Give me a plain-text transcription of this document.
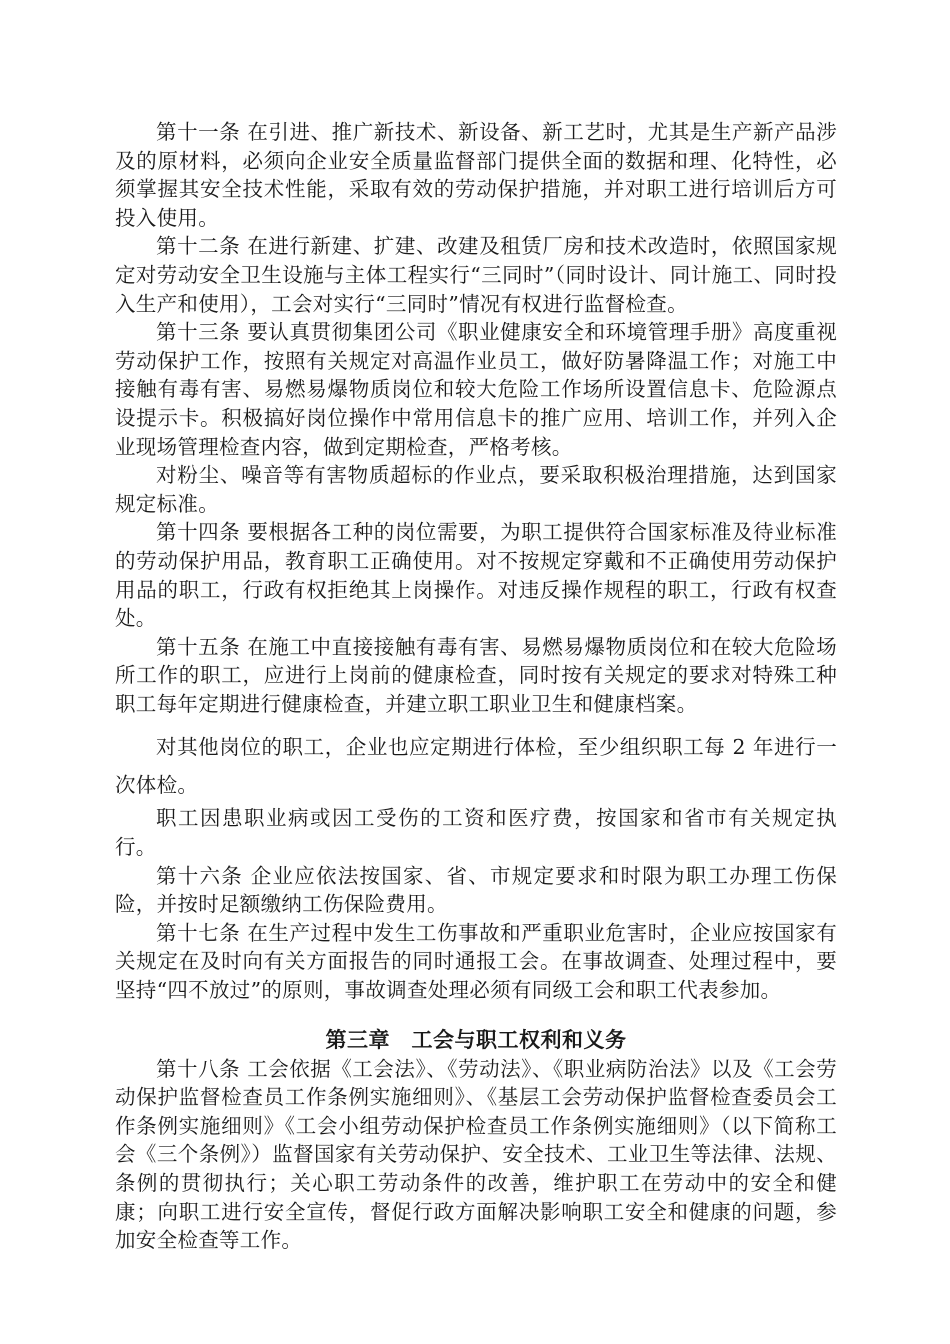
第十一条 在引进、推广新技术、新设备、新工艺时，尤其是生产新产品涉及的原材料，必须向企业安全质量监督部门提供全面的数据和理、化特性，必须掌握其安全技术性能，采取有效的劳动保护措施，并对职工进行培训后方可投入使用。

第十二条 在进行新建、扩建、改建及租赁厂房和技术改造时，依照国家规定对劳动安全卫生设施与主体工程实行“三同时”（同时设计、同计施工、同时投入生产和使用），工会对实行“三同时”情况有权进行监督检查。

第十三条 要认真贯彻集团公司《职业健康安全和环境管理手册》高度重视劳动保护工作，按照有关规定对高温作业员工，做好防暑降温工作；对施工中接触有毒有害、易燃易爆物质岗位和较大危险工作场所设置信息卡、危险源点设提示卡。积极搞好岗位操作中常用信息卡的推广应用、培训工作，并列入企业现场管理检查内容，做到定期检查，严格考核。

对粉尘、噪音等有害物质超标的作业点，要采取积极治理措施，达到国家规定标准。

第十四条 要根据各工种的岗位需要，为职工提供符合国家标准及待业标准的劳动保护用品，教育职工正确使用。对不按规定穿戴和不正确使用劳动保护用品的职工，行政有权拒绝其上岗操作。对违反操作规程的职工，行政有权查处。

第十五条 在施工中直接接触有毒有害、易燃易爆物质岗位和在较大危险场所工作的职工，应进行上岗前的健康检查，同时按有关规定的要求对特殊工种职工每年定期进行健康检查，并建立职工职业卫生和健康档案。

对其他岗位的职工，企业也应定期进行体检，至少组织职工每 2 年进行一次体检。

职工因患职业病或因工受伤的工资和医疗费，按国家和省市有关规定执行。

第十六条 企业应依法按国家、省、市规定要求和时限为职工办理工伤保险，并按时足额缴纳工伤保险费用。

第十七条 在生产过程中发生工伤事故和严重职业危害时，企业应按国家有关规定在及时向有关方面报告的同时通报工会。在事故调查、处理过程中，要坚持“四不放过”的原则，事故调查处理必须有同级工会和职工代表参加。

第三章　工会与职工权利和义务

第十八条 工会依据《工会法》、《劳动法》、《职业病防治法》以及《工会劳动保护监督检查员工作条例实施细则》、《基层工会劳动保护监督检查委员会工作条例实施细则》《工会小组劳动保护检查员工作条例实施细则》（以下简称工会《三个条例》）监督国家有关劳动保护、安全技术、工业卫生等法律、法规、条例的贯彻执行；关心职工劳动条件的改善，维护职工在劳动中的安全和健康；向职工进行安全宣传，督促行政方面解决影响职工安全和健康的问题，参加安全检查等工作。
